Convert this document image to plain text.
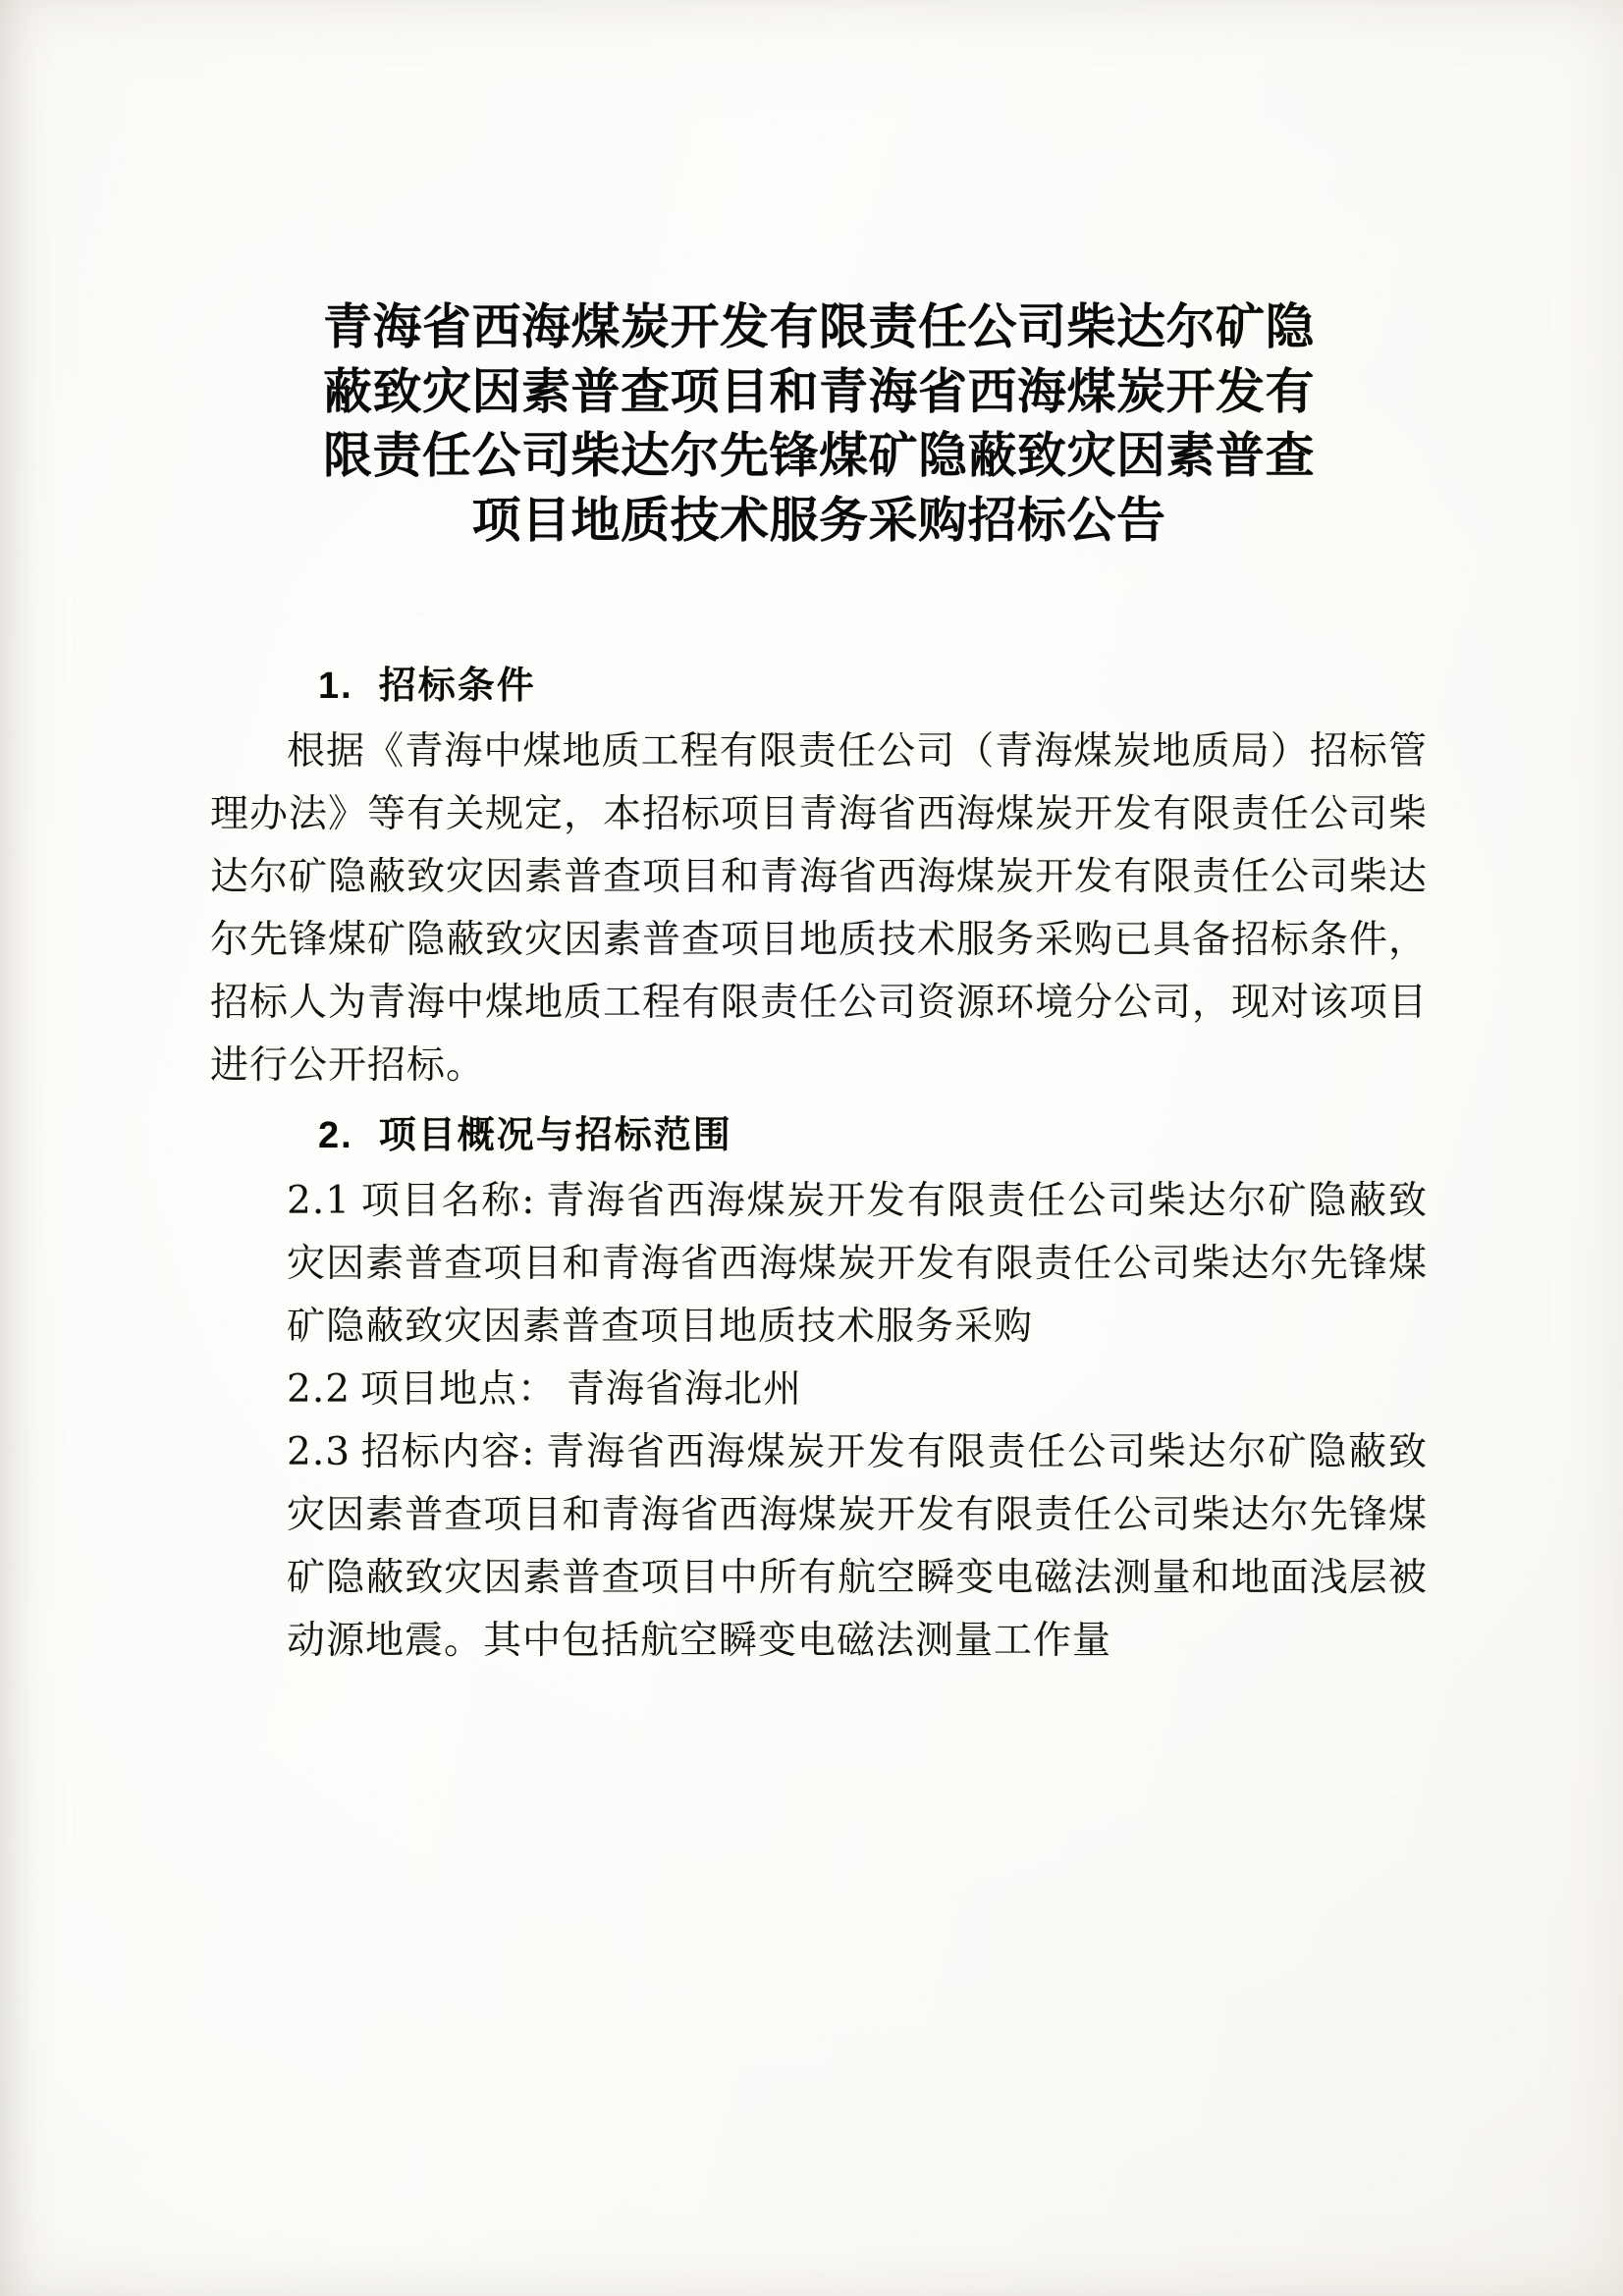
青海省西海煤炭开发有限责任公司柴达尔矿隐
蔽致灾因素普查项目和青海省西海煤炭开发有
限责任公司柴达尔先锋煤矿隐蔽致灾因素普查
项目地质技术服务采购招标公告

1. 招标条件

根据《青海中煤地质工程有限责任公司（青海煤炭地质局）招标管理办法》等有关规定，本招标项目青海省西海煤炭开发有限责任公司柴达尔矿隐蔽致灾因素普查项目和青海省西海煤炭开发有限责任公司柴达尔先锋煤矿隐蔽致灾因素普查项目地质技术服务采购已具备招标条件，招标人为青海中煤地质工程有限责任公司资源环境分公司，现对该项目进行公开招标。

2. 项目概况与招标范围

2.1 项目名称: 青海省西海煤炭开发有限责任公司柴达尔矿隐蔽致灾因素普查项目和青海省西海煤炭开发有限责任公司柴达尔先锋煤矿隐蔽致灾因素普查项目地质技术服务采购

2.2 项目地点： 青海省海北州

2.3 招标内容: 青海省西海煤炭开发有限责任公司柴达尔矿隐蔽致灾因素普查项目和青海省西海煤炭开发有限责任公司柴达尔先锋煤矿隐蔽致灾因素普查项目中所有航空瞬变电磁法测量和地面浅层被动源地震。其中包括航空瞬变电磁法测量工作量
